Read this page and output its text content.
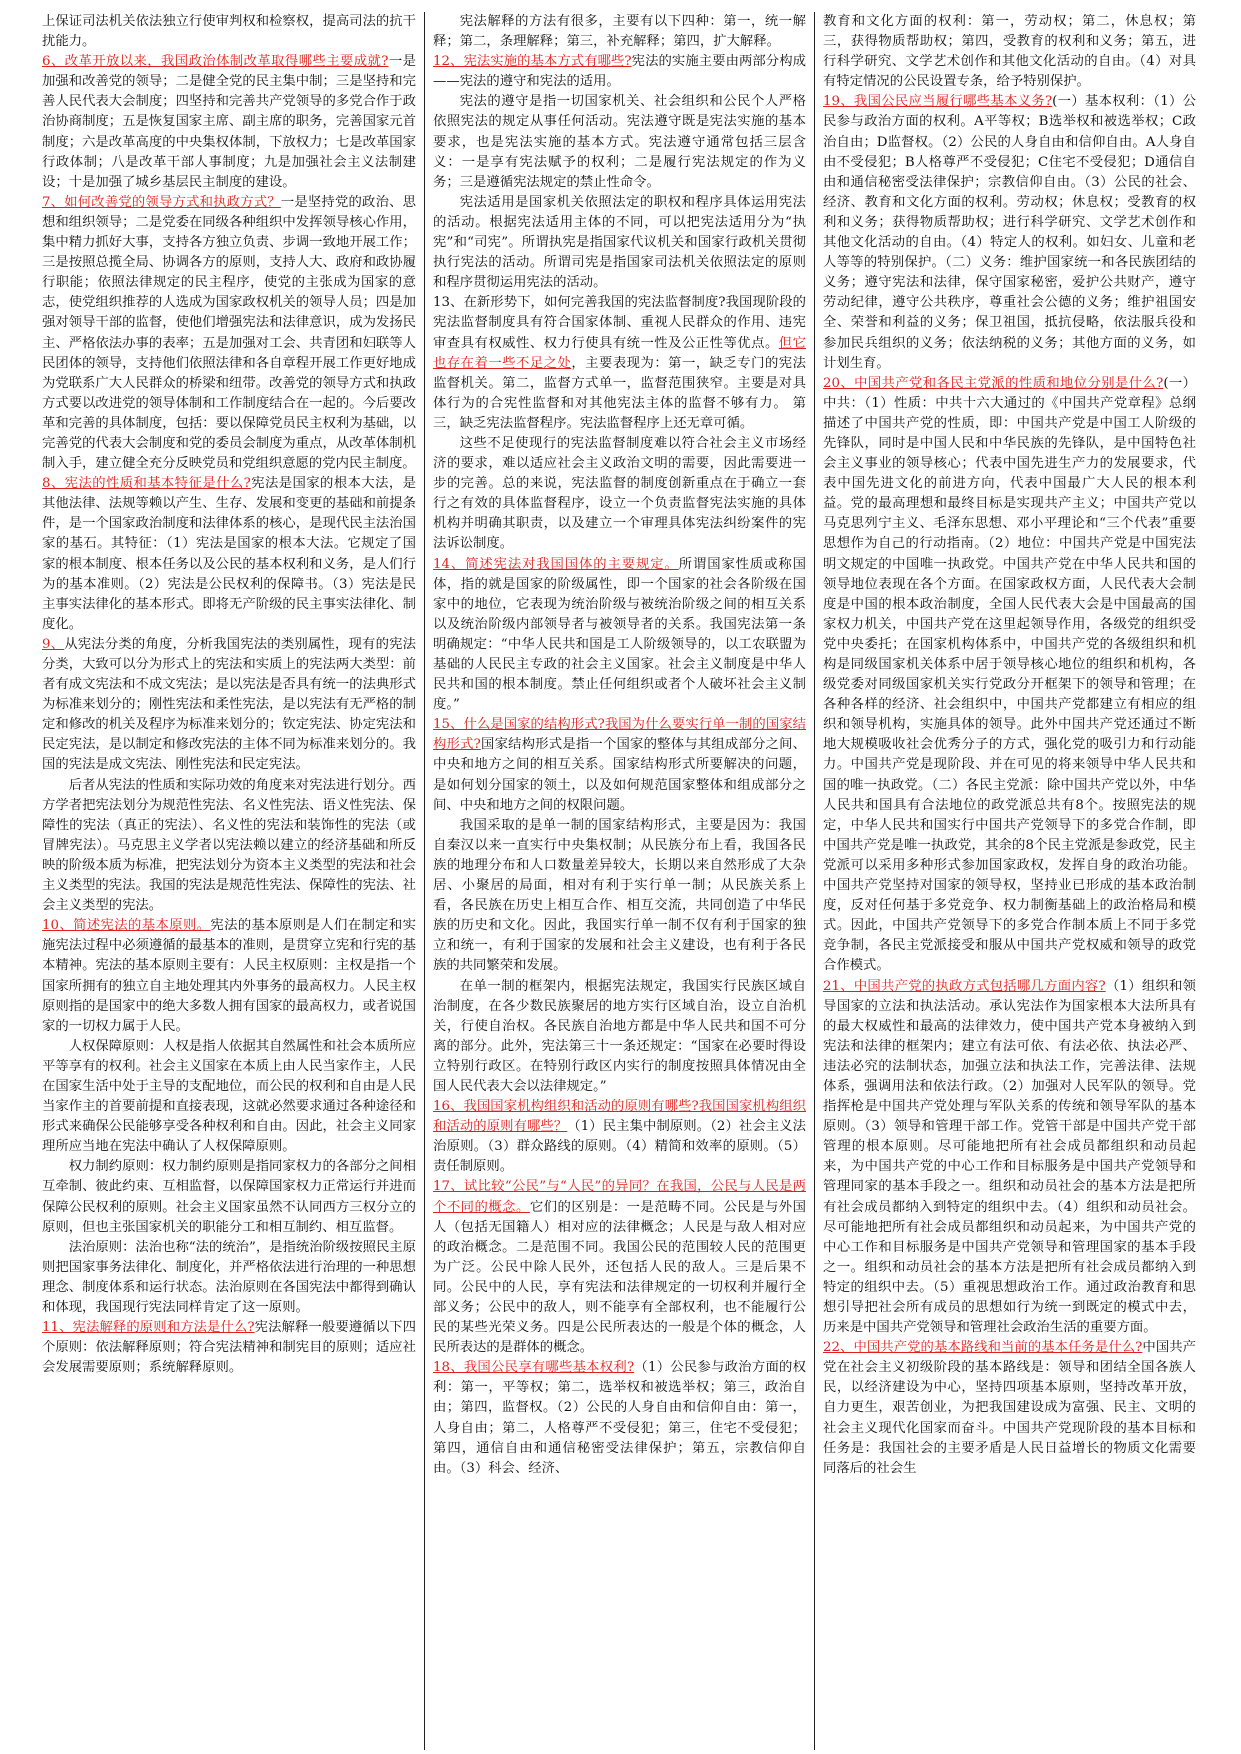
上保证司法机关依法独立行使审判权和检察权，提高司法的抗干扰能力。

6、改革开放以来，我国政治体制改革取得哪些主要成就?一是加强和改善党的领导；二是健全党的民主集中制；三是坚持和完善人民代表大会制度；四坚持和完善共产党领导的多党合作于政治协商制度；五是恢复国家主席、副主席的职务，完善国家元首制度；六是改革高度的中央集权体制，下放权力；七是改革国家行政体制；八是改革干部人事制度；九是加强社会主义法制建设；十是加强了城乡基层民主制度的建设。

7、如何改善党的领导方式和执政方式？一是坚持党的政治、思想和组织领导；二是党委在同级各种组织中发挥领导核心作用，集中精力抓好大事，支持各方独立负责、步调一致地开展工作；三是按照总揽全局、协调各方的原则，支持人大、政府和政协履行职能；依照法律规定的民主程序，使党的主张成为国家的意志，使党组织推荐的人选成为国家政权机关的领导人员；四是加强对领导干部的监督，使他们增强宪法和法律意识，成为发扬民主、严格依法办事的表率；五是加强对工会、共青团和妇联等人民团体的领导，支持他们依照法律和各自章程开展工作更好地成为党联系广大人民群众的桥梁和纽带。改善党的领导方式和执政方式要以改进党的领导体制和工作制度结合在一起的。今后要改革和完善的具体制度，包括：要以保障党员民主权利为基础，以完善党的代表大会制度和党的委员会制度为重点，从改革体制机制入手，建立健全充分反映党员和党组织意愿的党内民主制度。

8、宪法的性质和基本特征是什么?宪法是国家的根本大法，是其他法律、法规等赖以产生、生存、发展和变更的基础和前提条件，是一个国家政治制度和法律体系的核心，是现代民主法治国家的基石。其特征：（1）宪法是国家的根本大法。它规定了国家的根本制度、根本任务以及公民的基本权利和义务，是人们行为的基本准则。（2）宪法是公民权利的保障书。（3）宪法是民主事实法律化的基本形式。即将无产阶级的民主事实法律化、制度化。

9、从宪法分类的角度，分析我国宪法的类别属性，现有的宪法分类，大致可以分为形式上的宪法和实质上的宪法两大类型：前者有成文宪法和不成文宪法；是以宪法是否具有统一的法典形式为标准来划分的；刚性宪法和柔性宪法，是以宪法有无严格的制定和修改的机关及程序为标准来划分的；钦定宪法、协定宪法和民定宪法，是以制定和修改宪法的主体不同为标准来划分的。我国的宪法是成文宪法、刚性宪法和民定宪法。

后者从宪法的性质和实际功效的角度来对宪法进行划分。西方学者把宪法划分为规范性宪法、名义性宪法、语义性宪法、保障性的宪法（真正的宪法）、名义性的宪法和装饰性的宪法（或冒牌宪法）。马克思主义学者以宪法赖以建立的经济基础和所反映的阶级本质为标准，把宪法划分为资本主义类型的宪法和社会主义类型的宪法。我国的宪法是规范性宪法、保障性的宪法、社会主义类型的宪法。

10、简述宪法的基本原则。宪法的基本原则是人们在制定和实施宪法过程中必须遵循的最基本的准则，是贯穿立宪和行宪的基本精神。宪法的基本原则主要有：人民主权原则：主权是指一个国家所拥有的独立自主地处理其内外事务的最高权力。人民主权原则指的是国家中的绝大多数人拥有国家的最高权力，或者说国家的一切权力属于人民。

人权保障原则：人权是指人依据其自然属性和社会本质所应平等享有的权利。社会主义国家在本质上由人民当家作主，人民在国家生活中处于主导的支配地位，而公民的权利和自由是人民当家作主的首要前提和直接表现，这就必然要求通过各种途径和形式来确保公民能够享受各种权利和自由。因此，社会主义同家理所应当地在宪法中确认了人权保障原则。

权力制约原则：权力制约原则是指同家权力的各部分之间相互牵制、彼此约束、互相监督，以保障国家权力正常运行并进而保障公民权利的原则。社会主义国家虽然不认同西方三权分立的原则，但也主张国家机关的职能分工和相互制约、相互监督。

法治原则：法治也称“法的统治”，是指统治阶级按照民主原则把国家事务法律化、制度化，并严格依法进行治理的一种思想理念、制度体系和运行状态。法治原则在各国宪法中都得到确认和体现，我国现行宪法同样肯定了这一原则。

11、宪法解释的原则和方法是什么?宪法解释一般要遵循以下四个原则：依法解释原则；符合宪法精神和制宪目的原则；适应社会发展需要原则；系统解释原则。

宪法解释的方法有很多，主要有以下四种：第一，统一解释；第二，条理解释；第三，补充解释；第四，扩大解释。

12、宪法实施的基本方式有哪些?宪法的实施主要由两部分构成——宪法的遵守和宪法的适用。

宪法的遵守是指一切国家机关、社会组织和公民个人严格依照宪法的规定从事任何活动。宪法遵守既是宪法实施的基本要求，也是宪法实施的基本方式。宪法遵守通常包括三层含义：一是享有宪法赋予的权利；二是履行宪法规定的作为义务；三是遵循宪法规定的禁止性命令。

宪法适用是国家机关依照法定的职权和程序具体运用宪法的活动。根据宪法适用主体的不同，可以把宪法适用分为“执宪”和“司宪”。所谓执宪是指国家代议机关和国家行政机关贯彻执行宪法的活动。所谓司宪是指国家司法机关依照法定的原则和程序贯彻运用宪法的活动。

13、在新形势下，如何完善我国的宪法监督制度?我国现阶段的宪法监督制度具有符合国家体制、重视人民群众的作用、违宪审查具有权威性、权力行使具有统一性及公正性等优点。但它也存在着一些不足之处，主要表现为：第一，缺乏专门的宪法监督机关。第二，监督方式单一，监督范围狭窄。主要是对具体行为的合宪性监督和对其他宪法主体的监督不够有力。 第三，缺乏宪法监督程序。宪法监督程序上还无章可循。

这些不足使现行的宪法监督制度难以符合社会主义市场经济的要求，难以适应社会主义政治文明的需要，因此需要进一步的完善。总的来说，宪法监督的制度创新重点在于确立一套行之有效的具体监督程序，设立一个负责监督宪法实施的具体机构并明确其职责，以及建立一个审理具体宪法纠纷案件的宪法诉讼制度。

14、简述宪法对我国国体的主要规定。所谓国家性质或称国体，指的就是国家的阶级属性，即一个国家的社会各阶级在国家中的地位，它表现为统治阶级与被统治阶级之间的相互关系以及统治阶级内部领导者与被领导者的关系。我国宪法第一条明确规定：“中华人民共和国是工人阶级领导的，以工农联盟为基础的人民民主专政的社会主义国家。社会主义制度是中华人民共和国的根本制度。禁止任何组织或者个人破坏社会主义制度。”

15、什么是国家的结构形式?我国为什么要实行单一制的国家结构形式?国家结构形式是指一个国家的整体与其组成部分之间、中央和地方之间的相互关系。国家结构形式所要解决的问题，是如何划分国家的领土，以及如何规范国家整体和组成部分之间、中央和地方之间的权限问题。

我国采取的是单一制的国家结构形式，主要是因为：我国自秦汉以来一直实行中央集权制；从民族分布上看，我国各民族的地理分布和人口数量差异较大，长期以来自然形成了大杂居、小聚居的局面，相对有利于实行单一制；从民族关系上看，各民族在历史上相互合作、相互交流，共同创造了中华民族的历史和文化。因此，我国实行单一制不仅有利于国家的独立和统一，有利于国家的发展和社会主义建设，也有利于各民族的共同繁荣和发展。

在单一制的框架内，根据宪法规定，我国实行民族区域自治制度，在各少数民族聚居的地方实行区域自治，设立自治机关，行使自治权。各民族自治地方都是中华人民共和国不可分离的部分。此外，宪法第三十一条还规定：“国家在必要时得设立特别行政区。在特别行政区内实行的制度按照具体情况由全国人民代表大会以法律规定。”

16、我国国家机构组织和活动的原则有哪些?我国国家机构组织和活动的原则有哪些？（1）民主集中制原则。（2）社会主义法治原则。（3）群众路线的原则。（4）精简和效率的原则。（5）责任制原则。

17、试比较“公民”与“人民”的异同？在我国，公民与人民是两个不同的概念。它们的区别是：一是范畴不同。公民是与外国人（包括无国籍人）相对应的法律概念；人民是与敌人相对应的政治概念。二是范围不同。我国公民的范围较人民的范围更为广泛。公民中除人民外，还包括人民的敌人。三是后果不同。公民中的人民，享有宪法和法律规定的一切权利并履行全部义务；公民中的敌人，则不能享有全部权利，也不能履行公民的某些光荣义务。四是公民所表达的一般是个体的概念，人民所表达的是群体的概念。

18、我国公民享有哪些基本权利?（1）公民参与政治方面的权利：第一，平等权；第二，选举权和被选举权；第三，政治自由；第四，监督权。（2）公民的人身自由和信仰自由：第一，人身自由；第二，人格尊严不受侵犯；第三，住宅不受侵犯；第四，通信自由和通信秘密受法律保护；第五，宗教信仰自由。（3）科会、经济、

教育和文化方面的权利：第一，劳动权；第二，休息权；第三，获得物质帮助权；第四，受教育的权利和义务；第五，进行科学研究、文学艺术创作和其他文化活动的自由。（4）对具有特定情况的公民设置专条，给予特别保护。

19、我国公民应当履行哪些基本义务?(一）基本权利：（1）公民参与政治方面的权利。A平等权；B选举权和被选举权；C政治自由；D监督权。（2）公民的人身自由和信仰自由。A人身自由不受侵犯；B人格尊严不受侵犯；C住宅不受侵犯；D通信自由和通信秘密受法律保护；宗教信仰自由。（3）公民的社会、经济、教育和文化方面的权利。劳动权；休息权；受教育的权利和义务；获得物质帮助权；进行科学研究、文学艺术创作和其他文化活动的自由。（4）特定人的权利。如妇女、儿童和老人等等的特别保护。（二）义务：维护国家统一和各民族团结的义务；遵守宪法和法律，保守国家秘密，爱护公共财产，遵守劳动纪律，遵守公共秩序，尊重社会公德的义务；维护祖国安全、荣誉和利益的义务；保卫祖国，抵抗侵略，依法服兵役和参加民兵组织的义务；依法纳税的义务；其他方面的义务，如计划生育。

20、中国共产党和各民主党派的性质和地位分别是什么?(一）中共：（1）性质：中共十六大通过的《中国共产党章程》总纲描述了中国共产党的性质，即：中国共产党是中国工人阶级的先锋队，同时是中国人民和中华民族的先锋队，是中国特色社会主义事业的领导核心；代表中国先进生产力的发展要求，代表中国先进文化的前进方向，代表中国最广大人民的根本利益。党的最高理想和最终目标是实现共产主义；中国共产党以马克思列宁主义、毛泽东思想、邓小平理论和“三个代表”重要思想作为自己的行动指南。（2）地位：中国共产党是中国宪法明文规定的中国唯一执政党。中国共产党在中华人民共和国的领导地位表现在各个方面。在国家政权方面，人民代表大会制度是中国的根本政治制度，全国人民代表大会是中国最高的国家权力机关，中国共产党在这里起领导作用，各级党的组织受党中央委托；在国家机构体系中，中国共产党的各级组织和机构是同级国家机关体系中居于领导核心地位的组织和机构，各级党委对同级国家机关实行党政分开框架下的领导和管理；在各种各样的经济、社会组织中，中国共产党都建立有相应的组织和领导机构，实施具体的领导。此外中国共产党还通过不断地大规模吸收社会优秀分子的方式，强化党的吸引力和行动能力。中国共产党是现阶段、并在可见的将来领导中华人民共和国的唯一执政党。（二）各民主党派：除中国共产党以外，中华人民共和国具有合法地位的政党派总共有8个。按照宪法的规定，中华人民共和国实行中国共产党领导下的多党合作制，即中国共产党是唯一执政党，其余的8个民主党派是参政党，民主党派可以采用多种形式参加国家政权，发挥自身的政治功能。中国共产党坚持对国家的领导权，坚持业已形成的基本政治制度，反对任何基于多党竞争、权力制衡基础上的政治格局和模式。因此，中国共产党领导下的多党合作制本质上不同于多党竞争制，各民主党派接受和服从中国共产党权威和领导的政党合作模式。

21、中国共产党的执政方式包括哪几方面内容?（1）组织和领导国家的立法和执法活动。承认宪法作为国家根本大法所具有的最大权威性和最高的法律效力，使中国共产党本身被纳入到宪法和法律的框架内；建立有法可依、有法必依、执法必严、违法必究的法制状态，加强立法和执法工作，完善法律、法规体系，强调用法和依法行政。（2）加强对人民军队的领导。党指挥枪是中国共产党处理与军队关系的传统和领导军队的基本原则。（3）领导和管理干部工作。党管干部是中国共产党干部管理的根本原则。尽可能地把所有社会成员都组织和动员起来，为中国共产党的中心工作和目标服务是中国共产党领导和管理同家的基本手段之一。组织和动员社会的基本方法是把所有社会成员都纳入到特定的组织中去。（4）组织和动员社会。尽可能地把所有社会成员都组织和动员起来，为中国共产党的中心工作和目标服务是中国共产党领导和管理国家的基本手段之一。组织和动员社会的基本方法是把所有社会成员都纳入到特定的组织中去。（5）重视思想政治工作。通过政治教育和思想引导把社会所有成员的思想如行为统一到既定的模式中去，历来是中国共产党领导和管理社会政治生活的重要方面。

22、中国共产党的基本路线和当前的基本任务是什么?中国共产党在社会主义初级阶段的基本路线是：领导和团结全国各族人民，以经济建设为中心，坚持四项基本原则，坚持改革开放，自力更生，艰苦创业，为把我国建设成为富强、民主、文明的社会主义现代化国家而奋斗。中国共产党现阶段的基本目标和任务是：我国社会的主要矛盾是人民日益增长的物质文化需要同落后的社会生
